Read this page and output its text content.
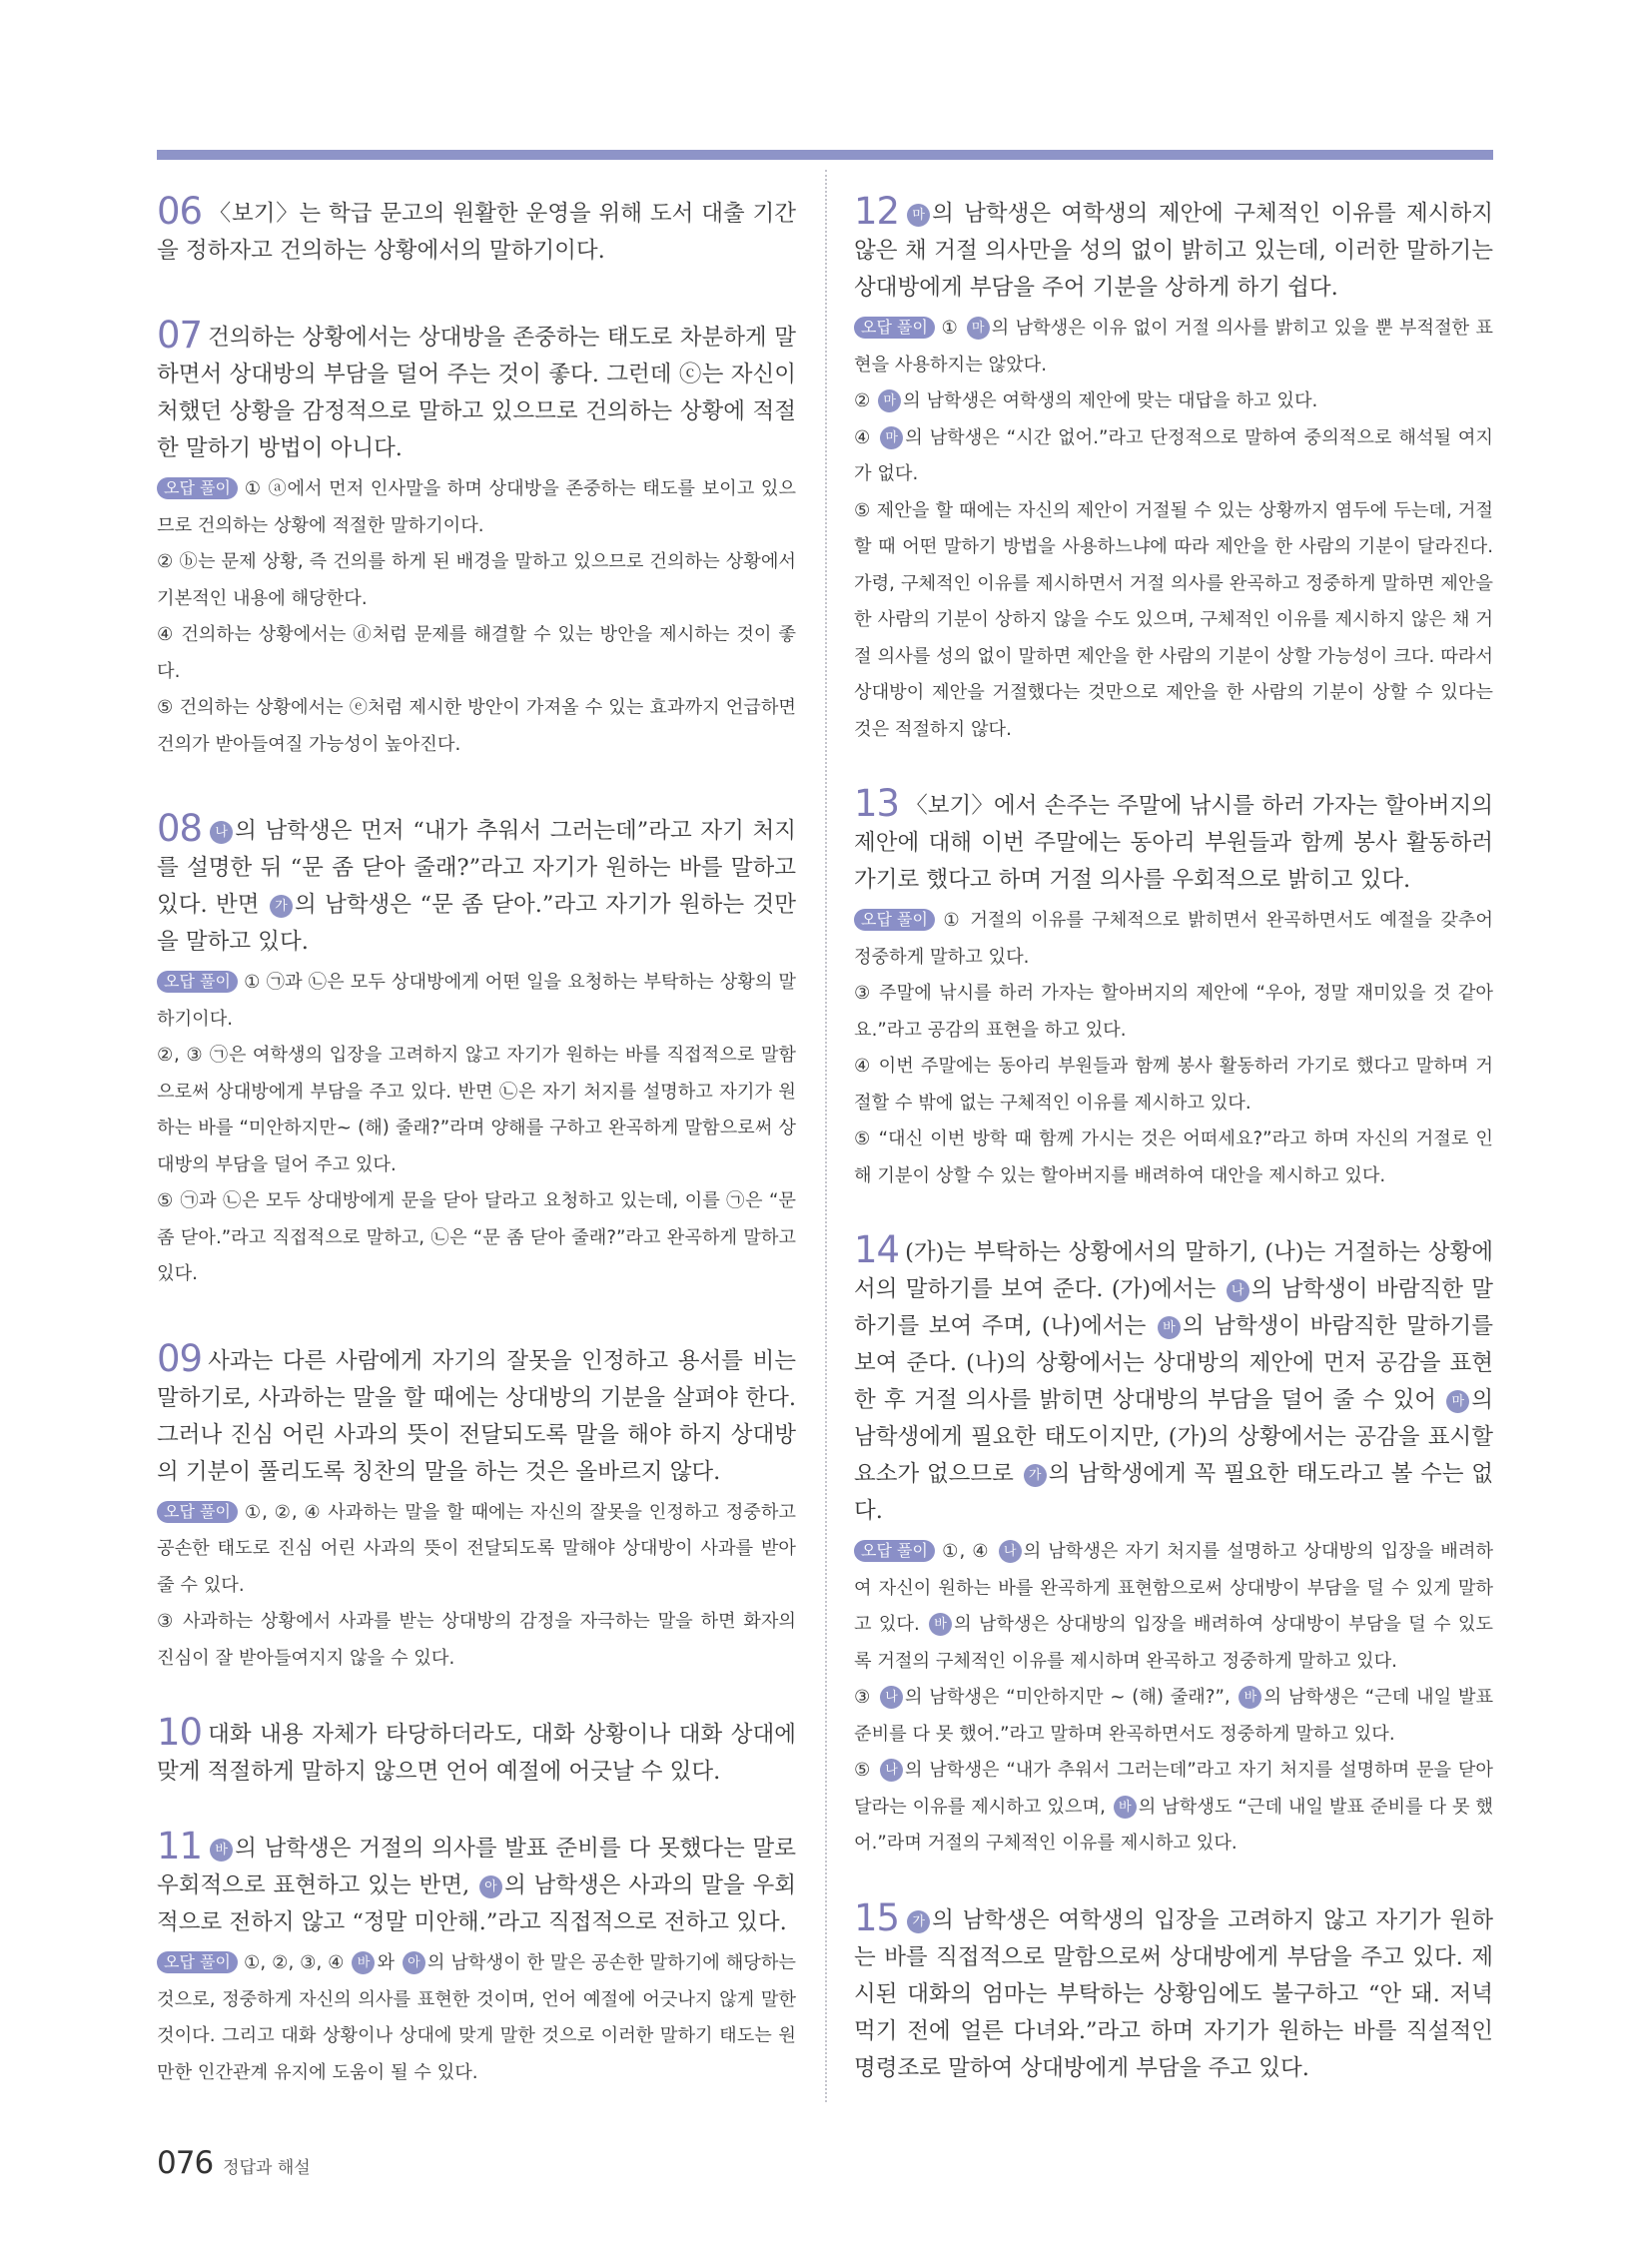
06 〈보기〉는 학급 문고의 원활한 운영을 위해 도서 대출 기간을 정하자고 건의하는 상황에서의 말하기이다.

07 건의하는 상황에서는 상대방을 존중하는 태도로 차분하게 말하면서 상대방의 부담을 덜어 주는 것이 좋다. 그런데 ⓒ는 자신이 처했던 상황을 감정적으로 말하고 있으므로 건의하는 상황에 적절한 말하기 방법이 아니다.

오답 풀이 ① ⓐ에서 먼저 인사말을 하며 상대방을 존중하는 태도를 보이고 있으므로 건의하는 상황에 적절한 말하기이다.

② ⓑ는 문제 상황, 즉 건의를 하게 된 배경을 말하고 있으므로 건의하는 상황에서 기본적인 내용에 해당한다.

④ 건의하는 상황에서는 ⓓ처럼 문제를 해결할 수 있는 방안을 제시하는 것이 좋다.

⑤ 건의하는 상황에서는 ⓔ처럼 제시한 방안이 가져올 수 있는 효과까지 언급하면 건의가 받아들여질 가능성이 높아진다.

08 나 의 남학생은 먼저 “내가 추워서 그러는데”라고 자기 처지를 설명한 뒤 “문 좀 닫아 줄래?”라고 자기가 원하는 바를 말하고 있다. 반면 가 의 남학생은 “문 좀 닫아.”라고 자기가 원하는 것만을 말하고 있다.

오답 풀이 ① ㉠과 ㉡은 모두 상대방에게 어떤 일을 요청하는 부탁하는 상황의 말하기이다.

②, ③ ㉠은 여학생의 입장을 고려하지 않고 자기가 원하는 바를 직접적으로 말함으로써 상대방에게 부담을 주고 있다. 반면 ㉡은 자기 처지를 설명하고 자기가 원하는 바를 “미안하지만~ (해) 줄래?”라며 양해를 구하고 완곡하게 말함으로써 상대방의 부담을 덜어 주고 있다.

⑤ ㉠과 ㉡은 모두 상대방에게 문을 닫아 달라고 요청하고 있는데, 이를 ㉠은 “문 좀 닫아.”라고 직접적으로 말하고, ㉡은 “문 좀 닫아 줄래?”라고 완곡하게 말하고 있다.

09 사과는 다른 사람에게 자기의 잘못을 인정하고 용서를 비는 말하기로, 사과하는 말을 할 때에는 상대방의 기분을 살펴야 한다. 그러나 진심 어린 사과의 뜻이 전달되도록 말을 해야 하지 상대방의 기분이 풀리도록 칭찬의 말을 하는 것은 올바르지 않다.

오답 풀이 ①, ②, ④ 사과하는 말을 할 때에는 자신의 잘못을 인정하고 정중하고 공손한 태도로 진심 어린 사과의 뜻이 전달되도록 말해야 상대방이 사과를 받아 줄 수 있다.

③ 사과하는 상황에서 사과를 받는 상대방의 감정을 자극하는 말을 하면 화자의 진심이 잘 받아들여지지 않을 수 있다.

10 대화 내용 자체가 타당하더라도, 대화 상황이나 대화 상대에 맞게 적절하게 말하지 않으면 언어 예절에 어긋날 수 있다.

11 바 의 남학생은 거절의 의사를 발표 준비를 다 못했다는 말로 우회적으로 표현하고 있는 반면, 아 의 남학생은 사과의 말을 우회적으로 전하지 않고 “정말 미안해.”라고 직접적으로 전하고 있다.

오답 풀이 ①, ②, ③, ④ 바 와 아 의 남학생이 한 말은 공손한 말하기에 해당하는 것으로, 정중하게 자신의 의사를 표현한 것이며, 언어 예절에 어긋나지 않게 말한 것이다. 그리고 대화 상황이나 상대에 맞게 말한 것으로 이러한 말하기 태도는 원만한 인간관계 유지에 도움이 될 수 있다.

12 마 의 남학생은 여학생의 제안에 구체적인 이유를 제시하지 않은 채 거절 의사만을 성의 없이 밝히고 있는데, 이러한 말하기는 상대방에게 부담을 주어 기분을 상하게 하기 쉽다.

오답 풀이 ① 마 의 남학생은 이유 없이 거절 의사를 밝히고 있을 뿐 부적절한 표현을 사용하지는 않았다.

② 마 의 남학생은 여학생의 제안에 맞는 대답을 하고 있다.

④ 마 의 남학생은 “시간 없어.”라고 단정적으로 말하여 중의적으로 해석될 여지가 없다.

⑤ 제안을 할 때에는 자신의 제안이 거절될 수 있는 상황까지 염두에 두는데, 거절할 때 어떤 말하기 방법을 사용하느냐에 따라 제안을 한 사람의 기분이 달라진다. 가령, 구체적인 이유를 제시하면서 거절 의사를 완곡하고 정중하게 말하면 제안을 한 사람의 기분이 상하지 않을 수도 있으며, 구체적인 이유를 제시하지 않은 채 거절 의사를 성의 없이 말하면 제안을 한 사람의 기분이 상할 가능성이 크다. 따라서 상대방이 제안을 거절했다는 것만으로 제안을 한 사람의 기분이 상할 수 있다는 것은 적절하지 않다.

13 〈보기〉에서 손주는 주말에 낚시를 하러 가자는 할아버지의 제안에 대해 이번 주말에는 동아리 부원들과 함께 봉사 활동하러 가기로 했다고 하며 거절 의사를 우회적으로 밝히고 있다.

오답 풀이 ① 거절의 이유를 구체적으로 밝히면서 완곡하면서도 예절을 갖추어 정중하게 말하고 있다.

③ 주말에 낚시를 하러 가자는 할아버지의 제안에 “우아, 정말 재미있을 것 같아요.”라고 공감의 표현을 하고 있다.

④ 이번 주말에는 동아리 부원들과 함께 봉사 활동하러 가기로 했다고 말하며 거절할 수 밖에 없는 구체적인 이유를 제시하고 있다.

⑤ “대신 이번 방학 때 함께 가시는 것은 어떠세요?”라고 하며 자신의 거절로 인해 기분이 상할 수 있는 할아버지를 배려하여 대안을 제시하고 있다.

14 (가)는 부탁하는 상황에서의 말하기, (나)는 거절하는 상황에서의 말하기를 보여 준다. (가)에서는 나 의 남학생이 바람직한 말하기를 보여 주며, (나)에서는 바 의 남학생이 바람직한 말하기를 보여 준다. (나)의 상황에서는 상대방의 제안에 먼저 공감을 표현한 후 거절 의사를 밝히면 상대방의 부담을 덜어 줄 수 있어 마 의 남학생에게 필요한 태도이지만, (가)의 상황에서는 공감을 표시할 요소가 없으므로 가 의 남학생에게 꼭 필요한 태도라고 볼 수는 없다.

오답 풀이 ①, ④ 나 의 남학생은 자기 처지를 설명하고 상대방의 입장을 배려하여 자신이 원하는 바를 완곡하게 표현함으로써 상대방이 부담을 덜 수 있게 말하고 있다. 바 의 남학생은 상대방의 입장을 배려하여 상대방이 부담을 덜 수 있도록 거절의 구체적인 이유를 제시하며 완곡하고 정중하게 말하고 있다.

③ 나 의 남학생은 “미안하지만 ~ (해) 줄래?”, 바 의 남학생은 “근데 내일 발표 준비를 다 못 했어.”라고 말하며 완곡하면서도 정중하게 말하고 있다.

⑤ 나 의 남학생은 “내가 추워서 그러는데”라고 자기 처지를 설명하며 문을 닫아 달라는 이유를 제시하고 있으며, 바 의 남학생도 “근데 내일 발표 준비를 다 못 했어.”라며 거절의 구체적인 이유를 제시하고 있다.

15 가 의 남학생은 여학생의 입장을 고려하지 않고 자기가 원하는 바를 직접적으로 말함으로써 상대방에게 부담을 주고 있다. 제시된 대화의 엄마는 부탁하는 상황임에도 불구하고 “안 돼. 저녁 먹기 전에 얼른 다녀와.”라고 하며 자기가 원하는 바를 직설적인 명령조로 말하여 상대방에게 부담을 주고 있다.

076 정답과 해설
